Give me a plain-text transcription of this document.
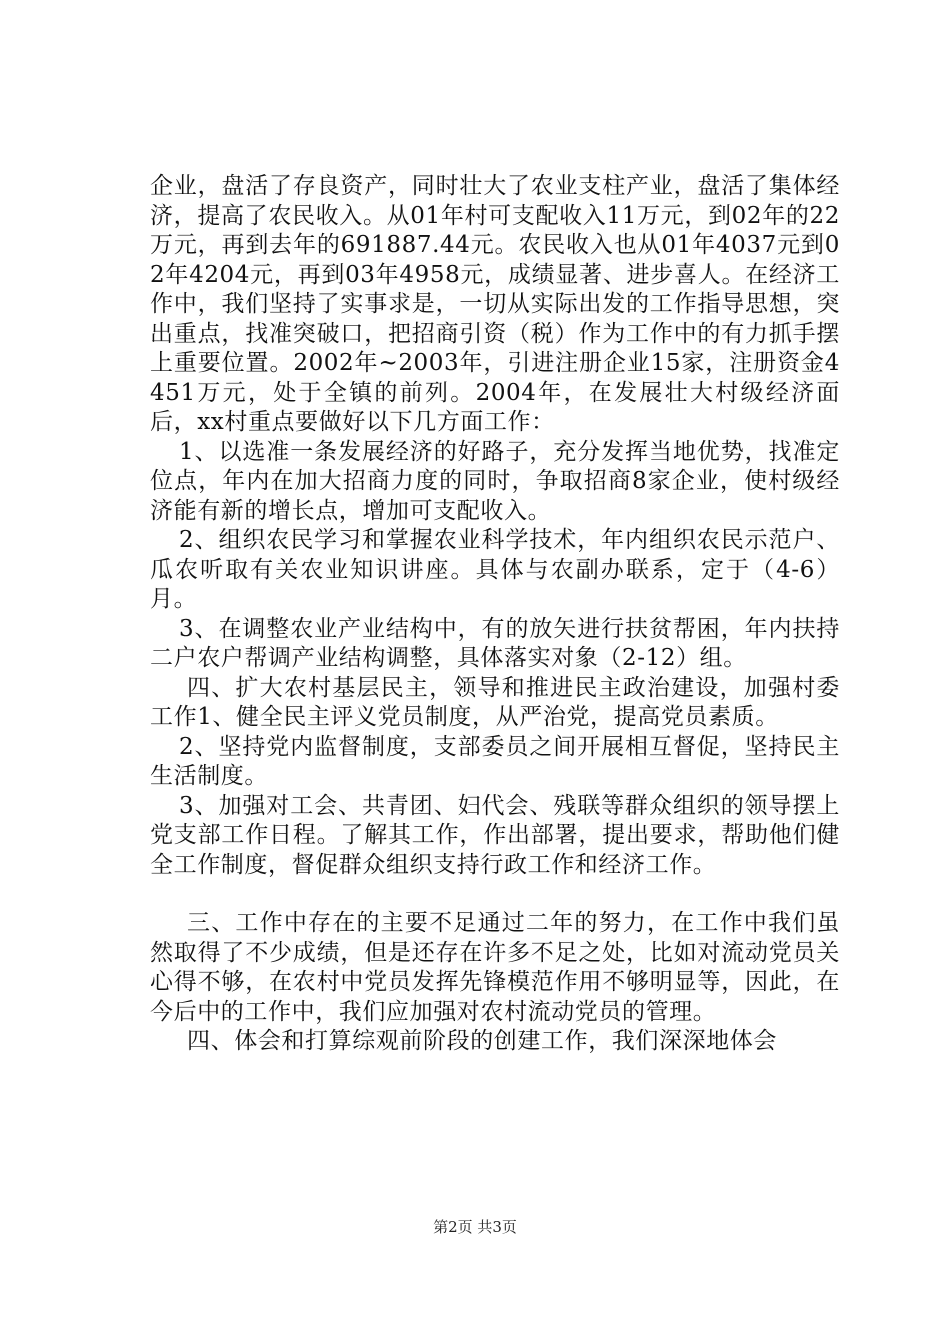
企业，盘活了存良资产，同时壮大了农业支柱产业，盘活了集体经济，提高了农民收入。从01年村可支配收入11万元，到02年的22万元，再到去年的691887.44元。农民收入也从01年4037元到02年4204元，再到03年4958元，成绩显著、进步喜人。在经济工作中，我们坚持了实事求是，一切从实际出发的工作指导思想，突出重点，找准突破口，把招商引资（税）作为工作中的有力抓手摆上重要位置。2002年~2003年，引进注册企业15家，注册资金4451万元，处于全镇的前列。2004年，在发展壮大村级经济面后，xx村重点要做好以下几方面工作：

1、以选准一条发展经济的好路子，充分发挥当地优势，找准定位点，年内在加大招商力度的同时，争取招商8家企业，使村级经济能有新的增长点，增加可支配收入。

2、组织农民学习和掌握农业科学技术，年内组织农民示范户、瓜农听取有关农业知识讲座。具体与农副办联系，定于（4-6）月。

3、在调整农业产业结构中，有的放矢进行扶贫帮困，年内扶持二户农户帮调产业结构调整，具体落实对象（2-12）组。

四、扩大农村基层民主，领导和推进民主政治建设，加强村委工作1、健全民主评义党员制度，从严治党，提高党员素质。

2、坚持党内监督制度，支部委员之间开展相互督促，坚持民主生活制度。

3、加强对工会、共青团、妇代会、残联等群众组织的领导摆上党支部工作日程。了解其工作，作出部署，提出要求，帮助他们健全工作制度，督促群众组织支持行政工作和经济工作。

三、工作中存在的主要不足通过二年的努力，在工作中我们虽然取得了不少成绩，但是还存在许多不足之处，比如对流动党员关心得不够，在农村中党员发挥先锋模范作用不够明显等，因此，在今后中的工作中，我们应加强对农村流动党员的管理。

四、体会和打算综观前阶段的创建工作，我们深深地体会

第2页 共3页
